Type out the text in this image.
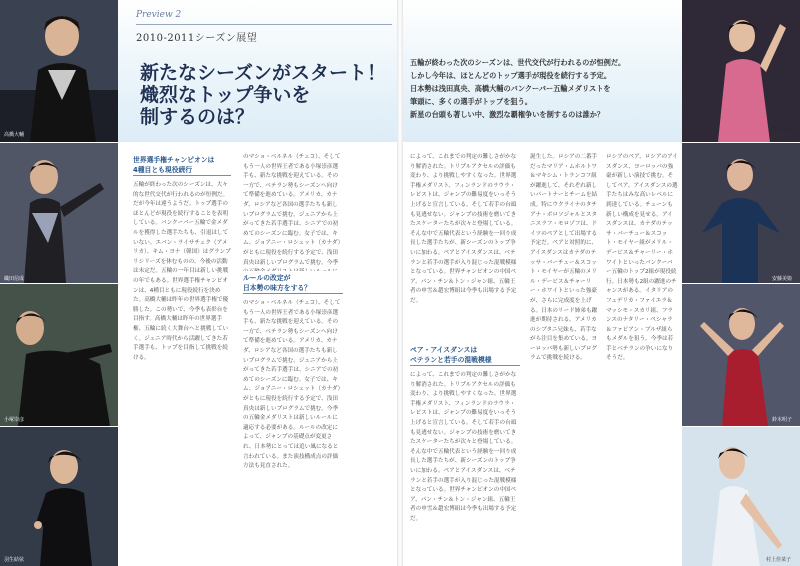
高橋大輔
織田信成
小塚崇彦
羽生結弦
浅田真央
安藤美姫
鈴木明子
村上佳菜子
Preview 2
2010-2011シーズン展望
新たなシーズンがスタート！
熾烈なトップ争いを
制するのは？
五輪が終わった次のシーズンは、世代交代が行われるのが恒例だ。
しかし今年は、ほとんどのトップ選手が現役を続行する予定。
日本勢は浅田真央、高橋大輔のバンクーバー五輪メダリストを
筆頭に、多くの選手がトップを狙う。
新星の台頭も著しい中、激烈な覇権争いを制するのは誰か？
世界選手権チャンピオンは
4種目とも現役続行

五輪が終わった次のシーズンは、大々的な世代交代が行われるのが恒例だ。だが今年は違うようだ。トップ選手のほとんどが現役を続行することを表明している。バンクーバー五輪で金メダルを獲得した選手たちも、引退はしていない。エバン・ライサチェク（アメリカ）、キム・ヨナ（韓国）はグランプリシリーズを休むものの、今後の活動は未定だ。五輪の一年目は新しい挑戦の年でもある。世界選手権チャンピオンは、4種目ともに現役続行を決めた。高橋大輔は昨年の世界選手権で優勝した。この勢いで、今季も表彰台を目指す。高橋大輔は昨年の世界選手権、五輪に続く大舞台へと挑戦していく。ジュニア時代から活躍してきた若手選手も、トップを目指して挑戦を続ける。

のマショ・ベルネル（チェコ）、そしてもう一人の世界王者である小塚崇彦選手も、新たな挑戦を迎えている。その一方で、ベテラン勢もシーズンへ向けて準備を進めている。アメリカ、カナダ、ロシアなど各国の選手たちも新しいプログラムで挑む。ジュニアから上がってきた若手選手は、シニアでの初めてのシーズンに臨む。女子では、キム、ジョアニー・ロシェット（カナダ）がともに現役を続行する予定で、浅田真央は新しいプログラムで挑む。今季

ルールの改定が
日本勢の味方をする？

のマショ・ベルネル（チェコ）、そしてもう一人の世界王者である小塚崇彦選手も、新たな挑戦を迎えている。その一方で、ベテラン勢もシーズンへ向けて準備を進めている。アメリカ、カナダ、ロシアなど各国の選手たちも新しいプログラムで挑む。ジュニアから上がってきた若手選手は、シニアでの初めてのシーズンに臨む。女子では、キム、ジョアニー・ロシェット（カナダ）がともに現役を続行する予定で、浅田真央は新しいプログラムで挑む。今季の五輪金メダリストは新しいルールに適応する必要がある。ルールの改定によって、ジャンプの基礎点が変更され、日本勢にとっては追い風になると言われている。また演技構成点の評価方法も見直された。

によって、これまでの判定の難しさがかなり解消された。トリプルアクセルの評価も変わり、より挑戦しやすくなった。世界選手権メダリスト、フィンランドのラウラ・レピストは、ジャンプの難易度をいっそう上げると宣言している。そして若手の台頭も見逃せない。ジャンプの技術を磨いてきたスケーターたちが次々と登場している。そんな中で五輪代表という経験を一回り成長した選手たちが、新シーズンのトップ争いに加わる。ペアとアイスダンスは、ベテランと若手の選手が入り混じった混戦模様となっている。世界チャンピオンの中国ペア、パン・チン＆トン・ジャン組、五輪王者の申雪＆趙宏博組は今季も出場する予定だ。

ペア・アイスダンスは
ベテランと若手の混戦模様

によって、これまでの判定の難しさがかなり解消された。トリプルアクセルの評価も変わり、より挑戦しやすくなった。世界選手権メダリスト、フィンランドのラウラ・レピストは、ジャンプの難易度をいっそう上げると宣言している。そして若手の台頭も見逃せない。ジャンプの技術を磨いてきたスケーターたちが次々と登場している。そんな中で五輪代表という経験を一回り成長した選手たちが、新シーズンのトップ争いに加わる。ペアとアイスダンスは、ベテランと若手の選手が入り混じった混戦模様となっている。世界チャンピオンの中国ペア、パン・チン＆トン・ジャン組、五輪王者の申雪＆趙宏博組は今季も出場する予定だ。

誕生した。ロシアの二番手だったマリア・ムホルトワ＆マキシム・トランコフ組が躍進して、それぞれ新しいパートナーとチームを結成。特にウクライナのタチアナ・ボロソジャルとスタニスラフ・モロゾフは、ドイツのペアとして出場する予定だ。ペアと対照的に、アイスダンスはカナダのテッサ・バーチュー＆スコット・モイヤーが五輪のメリル・デービス＆チャーリー・ホワイトといった強豪が、さらに完成度を上げる。日本のリード姉弟も躍進が期待される。アメリカのシブタニ兄妹も、若手ながら注目を集めている。ヨーロッパ勢も新しいプログラムで挑戦を続ける。

ロシアのペア、ロシアのアイスダンス、ヨーロッパの強豪が新しい演技で挑む。そしてペア、アイスダンスの選手たちはみな高いレベルに到達している。チェーンも新しい構成を見せる。アイスダンスは、カナダのテッサ・バーチュー＆スコット・モイヤー組がメリル・デービス＆チャーリー・ホワイトといったバンクーバー五輪のトップ2組が現役続行。日本勢も2組の躍進のチャンスがある。イタリアのフェデリカ・ファイエラ＆マッシモ・スカリ組、フランスのナタリー・ペシャラ＆ファビアン・ブルザ組らもメダルを狙う。今季は若手とベテランの争いになりそうだ。
